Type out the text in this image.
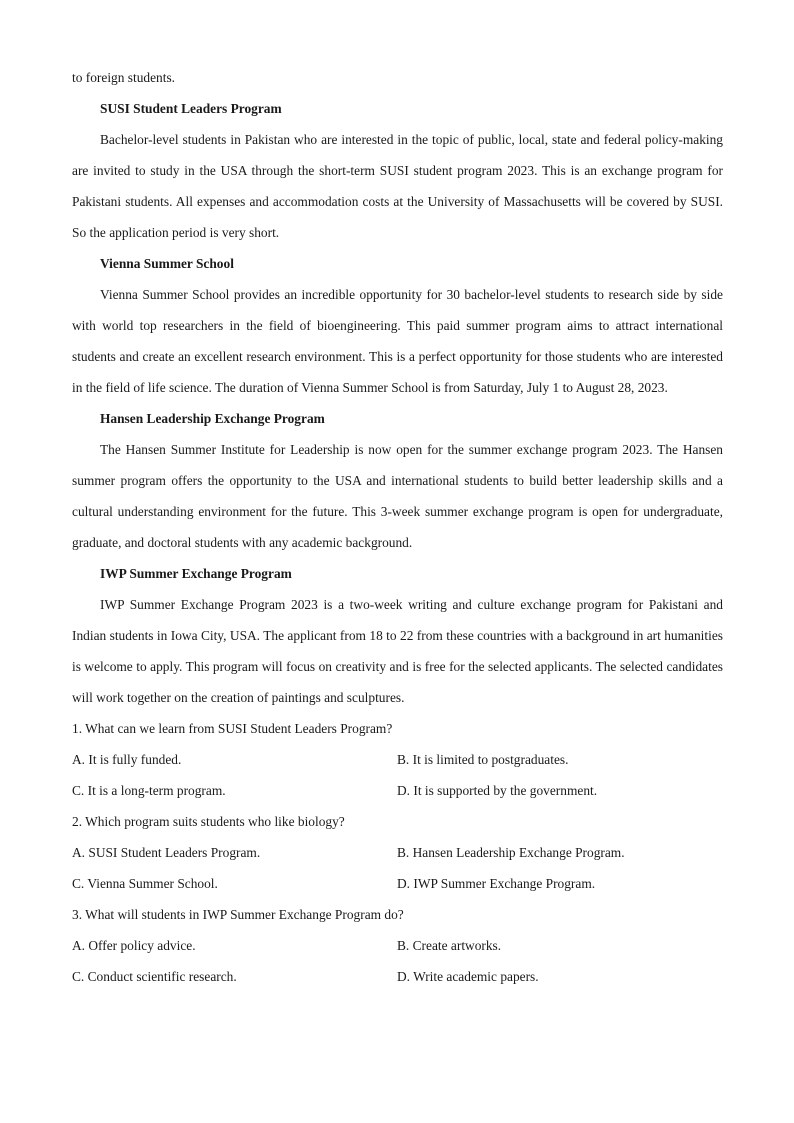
to foreign students.

SUSI Student Leaders Program

Bachelor-level students in Pakistan who are interested in the topic of public, local, state and federal policy-making are invited to study in the USA through the short-term SUSI student program 2023. This is an exchange program for Pakistani students. All expenses and accommodation costs at the University of Massachusetts will be covered by SUSI. So the application period is very short.

Vienna Summer School

Vienna Summer School provides an incredible opportunity for 30 bachelor-level students to research side by side with world top researchers in the field of bioengineering. This paid summer program aims to attract international students and create an excellent research environment. This is a perfect opportunity for those students who are interested in the field of life science. The duration of Vienna Summer School is from Saturday, July 1 to August 28, 2023.

Hansen Leadership Exchange Program

The Hansen Summer Institute for Leadership is now open for the summer exchange program 2023. The Hansen summer program offers the opportunity to the USA and international students to build better leadership skills and a cultural understanding environment for the future. This 3-week summer exchange program is open for undergraduate, graduate, and doctoral students with any academic background.

IWP Summer Exchange Program

IWP Summer Exchange Program 2023 is a two-week writing and culture exchange program for Pakistani and Indian students in Iowa City, USA. The applicant from 18 to 22 from these countries with a background in art humanities is welcome to apply. This program will focus on creativity and is free for the selected applicants. The selected candidates will work together on the creation of paintings and sculptures.

1. What can we learn from SUSI Student Leaders Program?

A. It is fully funded.	B. It is limited to postgraduates.

C. It is a long-term program.	D. It is supported by the government.

2. Which program suits students who like biology?

A. SUSI Student Leaders Program.	B. Hansen Leadership Exchange Program.

C. Vienna Summer School.	D. IWP Summer Exchange Program.

3. What will students in IWP Summer Exchange Program do?

A. Offer policy advice.	B. Create artworks.

C. Conduct scientific research.	D. Write academic papers.
